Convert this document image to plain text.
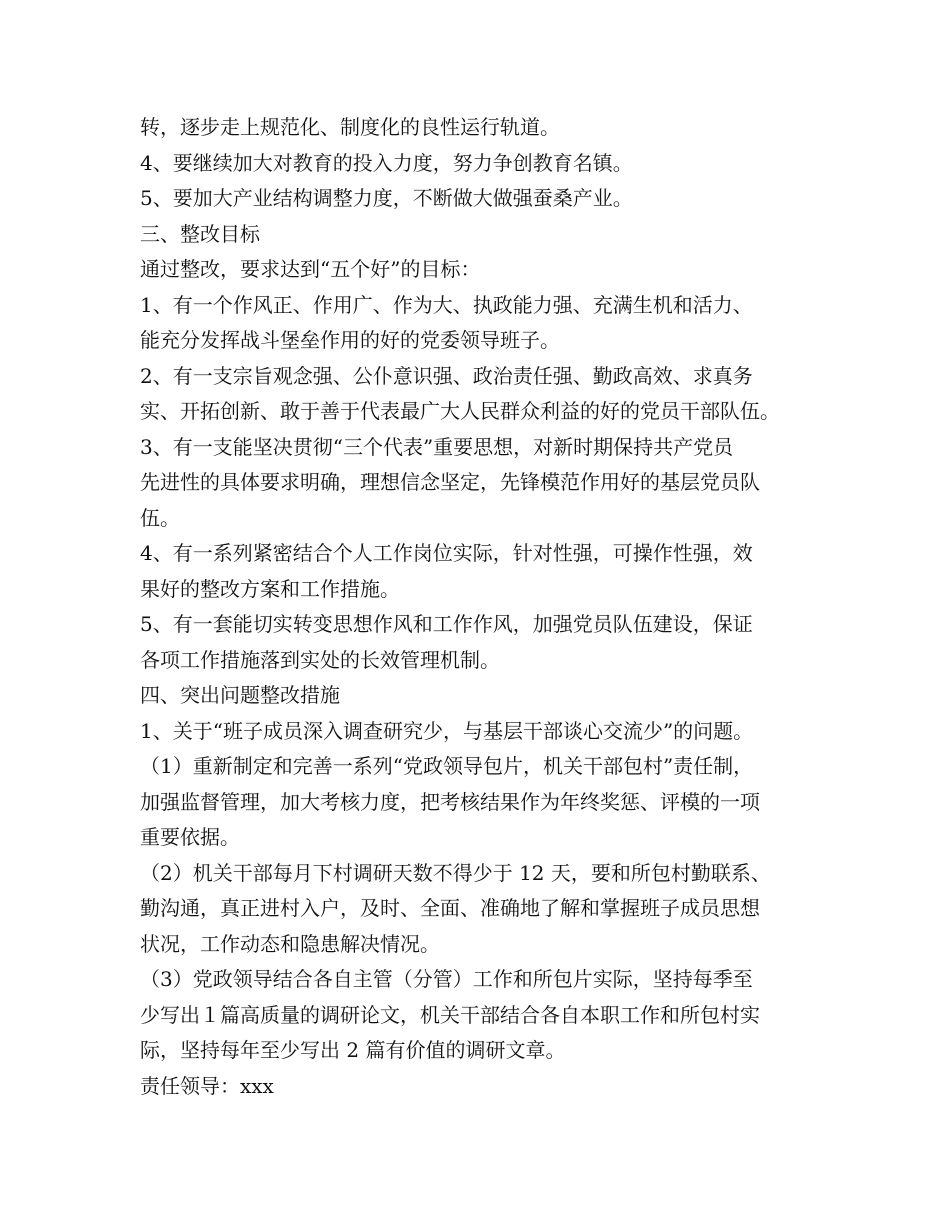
转，逐步走上规范化、制度化的良性运行轨道。
4、要继续加大对教育的投入力度，努力争创教育名镇。
5、要加大产业结构调整力度，不断做大做强蚕桑产业。
三、整改目标
通过整改，要求达到“五个好”的目标：
1、有一个作风正、作用广、作为大、执政能力强、充满生机和活力、
能充分发挥战斗堡垒作用的好的党委领导班子。
2、有一支宗旨观念强、公仆意识强、政治责任强、勤政高效、求真务
实、开拓创新、敢于善于代表最广大人民群众利益的好的党员干部队伍。
3、有一支能坚决贯彻“三个代表”重要思想，对新时期保持共产党员
先进性的具体要求明确，理想信念坚定，先锋模范作用好的基层党员队
伍。
4、有一系列紧密结合个人工作岗位实际，针对性强，可操作性强，效
果好的整改方案和工作措施。
5、有一套能切实转变思想作风和工作作风，加强党员队伍建设，保证
各项工作措施落到实处的长效管理机制。
四、突出问题整改措施
1、关于“班子成员深入调查研究少，与基层干部谈心交流少”的问题。
（1）重新制定和完善一系列“党政领导包片，机关干部包村”责任制，
加强监督管理，加大考核力度，把考核结果作为年终奖惩、评模的一项
重要依据。
（2）机关干部每月下村调研天数不得少于 12 天，要和所包村勤联系、
勤沟通，真正进村入户，及时、全面、准确地了解和掌握班子成员思想
状况，工作动态和隐患解决情况。
（3）党政领导结合各自主管（分管）工作和所包片实际，坚持每季至
少写出１篇高质量的调研论文，机关干部结合各自本职工作和所包村实
际，坚持每年至少写出 2 篇有价值的调研文章。
责任领导：xxx
